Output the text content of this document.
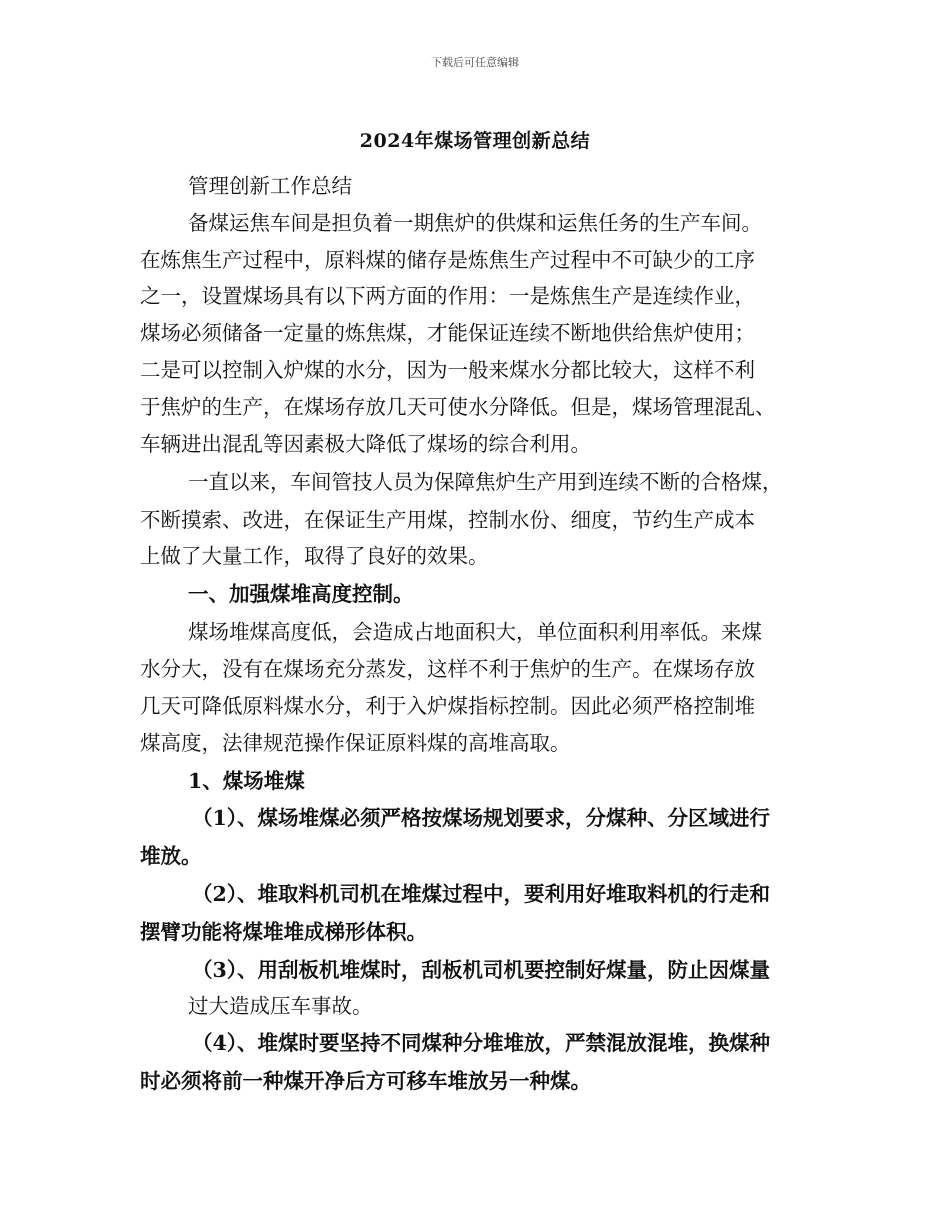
下载后可任意编辑
2024年煤场管理创新总结
管理创新工作总结
备煤运焦车间是担负着一期焦炉的供煤和运焦任务的生产车间。
在炼焦生产过程中，原料煤的储存是炼焦生产过程中不可缺少的工序
之一，设置煤场具有以下两方面的作用：一是炼焦生产是连续作业，
煤场必须储备一定量的炼焦煤，才能保证连续不断地供给焦炉使用；
二是可以控制入炉煤的水分，因为一般来煤水分都比较大，这样不利
于焦炉的生产，在煤场存放几天可使水分降低。但是，煤场管理混乱、
车辆进出混乱等因素极大降低了煤场的综合利用。
一直以来，车间管技人员为保障焦炉生产用到连续不断的合格煤，
不断摸索、改进，在保证生产用煤，控制水份、细度，节约生产成本
上做了大量工作，取得了良好的效果。
一、加强煤堆高度控制。
煤场堆煤高度低，会造成占地面积大，单位面积利用率低。来煤
水分大，没有在煤场充分蒸发，这样不利于焦炉的生产。在煤场存放
几天可降低原料煤水分，利于入炉煤指标控制。因此必须严格控制堆
煤高度，法律规范操作保证原料煤的高堆高取。
1、煤场堆煤
（1）、煤场堆煤必须严格按煤场规划要求，分煤种、分区域进行
堆放。
（2）、堆取料机司机在堆煤过程中，要利用好堆取料机的行走和
摆臂功能将煤堆堆成梯形体积。
（3）、用刮板机堆煤时，刮板机司机要控制好煤量，防止因煤量
过大造成压车事故。
（4）、堆煤时要坚持不同煤种分堆堆放，严禁混放混堆，换煤种
时必须将前一种煤开净后方可移车堆放另一种煤。
